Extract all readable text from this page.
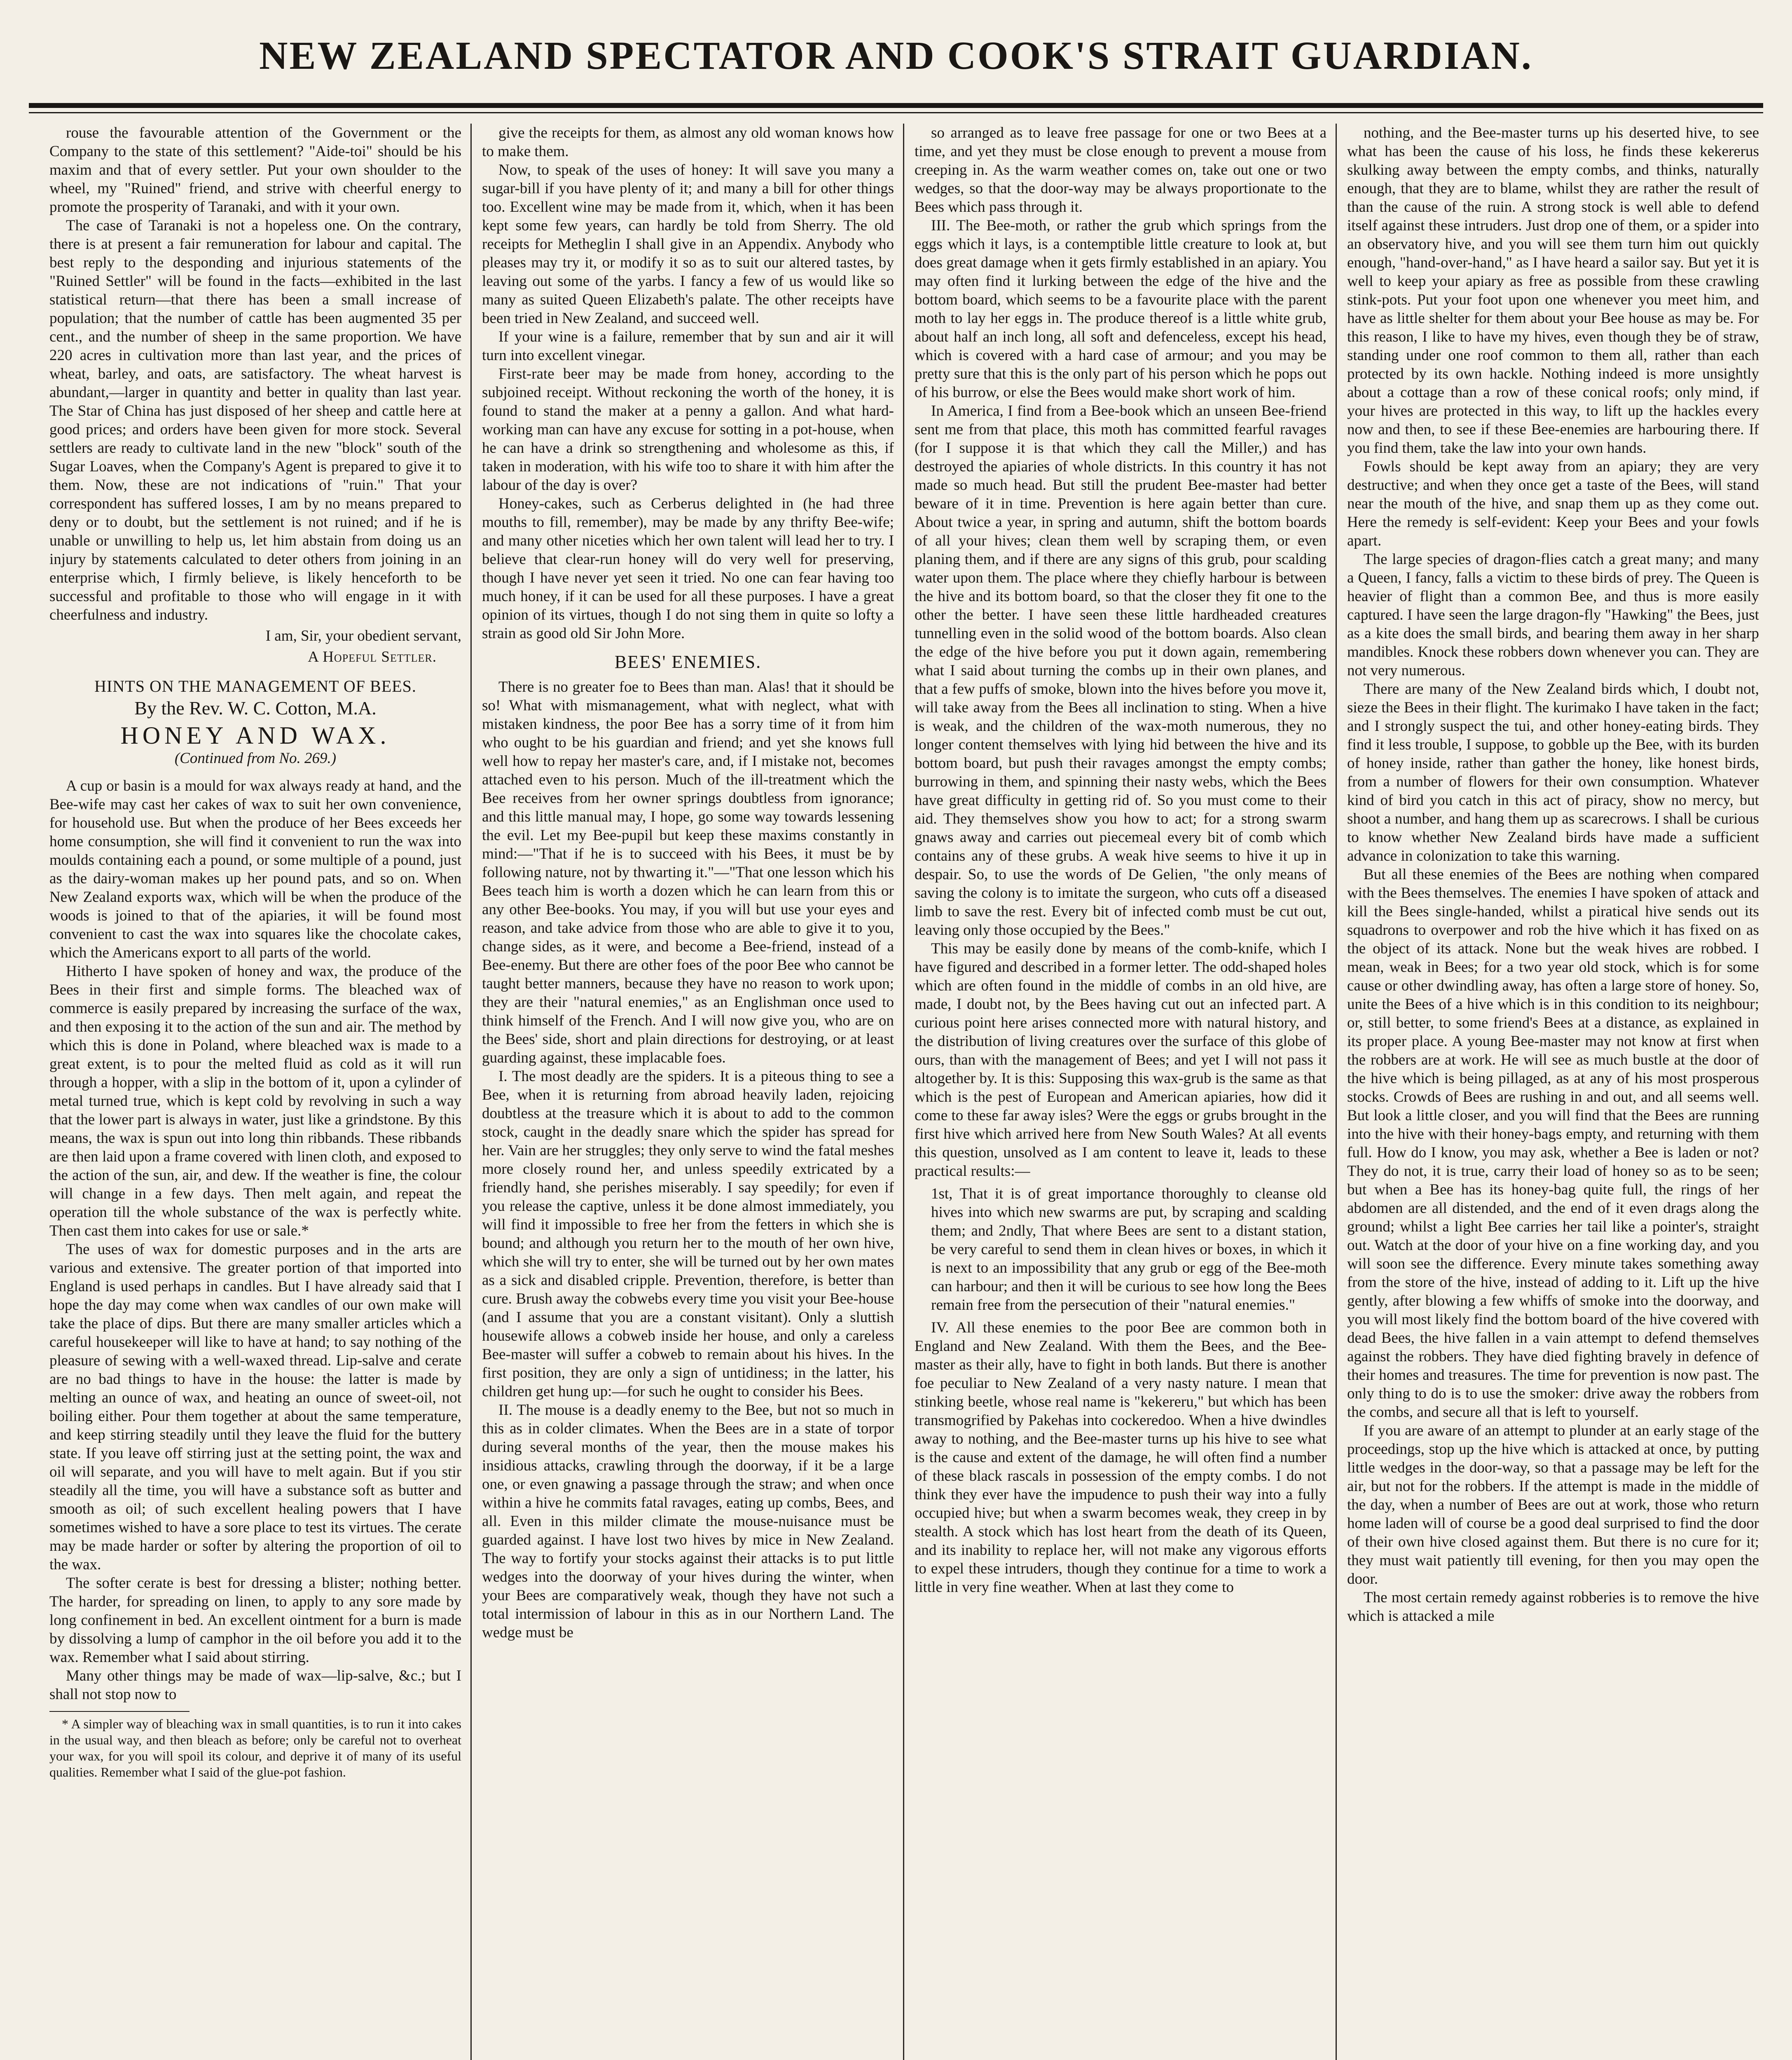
NEW ZEALAND SPECTATOR AND COOK'S STRAIT GUARDIAN.

rouse the favourable attention of the Government or the Company to the state of this settlement? "Aide-toi" should be his maxim and that of every settler. Put your own shoulder to the wheel, my "Ruined" friend, and strive with cheerful energy to promote the prosperity of Taranaki, and with it your own.

The case of Taranaki is not a hopeless one. On the contrary, there is at present a fair remuneration for labour and capital. The best reply to the desponding and injurious statements of the "Ruined Settler" will be found in the facts—exhibited in the last statistical return—that there has been a small increase of population; that the number of cattle has been augmented 35 per cent., and the number of sheep in the same proportion. We have 220 acres in cultivation more than last year, and the prices of wheat, barley, and oats, are satisfactory. The wheat harvest is abundant,—larger in quantity and better in quality than last year. The Star of China has just disposed of her sheep and cattle here at good prices; and orders have been given for more stock. Several settlers are ready to cultivate land in the new "block" south of the Sugar Loaves, when the Company's Agent is prepared to give it to them. Now, these are not indications of "ruin." That your correspondent has suffered losses, I am by no means prepared to deny or to doubt, but the settlement is not ruined; and if he is unable or unwilling to help us, let him abstain from doing us an injury by statements calculated to deter others from joining in an enterprise which, I firmly believe, is likely henceforth to be successful and profitable to those who will engage in it with cheerfulness and industry.

I am, Sir, your obedient servant,

A Hopeful Settler.

HINTS ON THE MANAGEMENT OF BEES.

By the Rev. W. C. Cotton, M.A.

HONEY AND WAX.

(Continued from No. 269.)

A cup or basin is a mould for wax always ready at hand, and the Bee-wife may cast her cakes of wax to suit her own convenience, for household use. But when the produce of her Bees exceeds her home consumption, she will find it convenient to run the wax into moulds containing each a pound, or some multiple of a pound, just as the dairy-woman makes up her pound pats, and so on. When New Zealand exports wax, which will be when the produce of the woods is joined to that of the apiaries, it will be found most convenient to cast the wax into squares like the chocolate cakes, which the Americans export to all parts of the world.

Hitherto I have spoken of honey and wax, the produce of the Bees in their first and simple forms. The bleached wax of commerce is easily prepared by increasing the surface of the wax, and then exposing it to the action of the sun and air. The method by which this is done in Poland, where bleached wax is made to a great extent, is to pour the melted fluid as cold as it will run through a hopper, with a slip in the bottom of it, upon a cylinder of metal turned true, which is kept cold by revolving in such a way that the lower part is always in water, just like a grindstone. By this means, the wax is spun out into long thin ribbands. These ribbands are then laid upon a frame covered with linen cloth, and exposed to the action of the sun, air, and dew. If the weather is fine, the colour will change in a few days. Then melt again, and repeat the operation till the whole substance of the wax is perfectly white. Then cast them into cakes for use or sale.*

The uses of wax for domestic purposes and in the arts are various and extensive. The greater portion of that imported into England is used perhaps in candles. But I have already said that I hope the day may come when wax candles of our own make will take the place of dips. But there are many smaller articles which a careful housekeeper will like to have at hand; to say nothing of the pleasure of sewing with a well-waxed thread. Lip-salve and cerate are no bad things to have in the house: the latter is made by melting an ounce of wax, and heating an ounce of sweet-oil, not boiling either. Pour them together at about the same temperature, and keep stirring steadily until they leave the fluid for the buttery state. If you leave off stirring just at the setting point, the wax and oil will separate, and you will have to melt again. But if you stir steadily all the time, you will have a substance soft as butter and smooth as oil; of such excellent healing powers that I have sometimes wished to have a sore place to test its virtues. The cerate may be made harder or softer by altering the proportion of oil to the wax.

The softer cerate is best for dressing a blister; nothing better. The harder, for spreading on linen, to apply to any sore made by long confinement in bed. An excellent ointment for a burn is made by dissolving a lump of camphor in the oil before you add it to the wax. Remember what I said about stirring.

Many other things may be made of wax—lip-salve, &c.; but I shall not stop now to

* A simpler way of bleaching wax in small quantities, is to run it into cakes in the usual way, and then bleach as before; only be careful not to overheat your wax, for you will spoil its colour, and deprive it of many of its useful qualities. Remember what I said of the glue-pot fashion.

give the receipts for them, as almost any old woman knows how to make them.

Now, to speak of the uses of honey: It will save you many a sugar-bill if you have plenty of it; and many a bill for other things too. Excellent wine may be made from it, which, when it has been kept some few years, can hardly be told from Sherry. The old receipts for Metheglin I shall give in an Appendix. Anybody who pleases may try it, or modify it so as to suit our altered tastes, by leaving out some of the yarbs. I fancy a few of us would like so many as suited Queen Elizabeth's palate. The other receipts have been tried in New Zealand, and succeed well.

If your wine is a failure, remember that by sun and air it will turn into excellent vinegar.

First-rate beer may be made from honey, according to the subjoined receipt. Without reckoning the worth of the honey, it is found to stand the maker at a penny a gallon. And what hard-working man can have any excuse for sotting in a pot-house, when he can have a drink so strengthening and wholesome as this, if taken in moderation, with his wife too to share it with him after the labour of the day is over?

Honey-cakes, such as Cerberus delighted in (he had three mouths to fill, remember), may be made by any thrifty Bee-wife; and many other niceties which her own talent will lead her to try. I believe that clear-run honey will do very well for preserving, though I have never yet seen it tried. No one can fear having too much honey, if it can be used for all these purposes. I have a great opinion of its virtues, though I do not sing them in quite so lofty a strain as good old Sir John More.

BEES' ENEMIES.

There is no greater foe to Bees than man. Alas! that it should be so! What with mismanagement, what with neglect, what with mistaken kindness, the poor Bee has a sorry time of it from him who ought to be his guardian and friend; and yet she knows full well how to repay her master's care, and, if I mistake not, becomes attached even to his person. Much of the ill-treatment which the Bee receives from her owner springs doubtless from ignorance; and this little manual may, I hope, go some way towards lessening the evil. Let my Bee-pupil but keep these maxims constantly in mind:—"That if he is to succeed with his Bees, it must be by following nature, not by thwarting it."—"That one lesson which his Bees teach him is worth a dozen which he can learn from this or any other Bee-books. You may, if you will but use your eyes and reason, and take advice from those who are able to give it to you, change sides, as it were, and become a Bee-friend, instead of a Bee-enemy. But there are other foes of the poor Bee who cannot be taught better manners, because they have no reason to work upon; they are their "natural enemies," as an Englishman once used to think himself of the French. And I will now give you, who are on the Bees' side, short and plain directions for destroying, or at least guarding against, these implacable foes.

I. The most deadly are the spiders. It is a piteous thing to see a Bee, when it is returning from abroad heavily laden, rejoicing doubtless at the treasure which it is about to add to the common stock, caught in the deadly snare which the spider has spread for her. Vain are her struggles; they only serve to wind the fatal meshes more closely round her, and unless speedily extricated by a friendly hand, she perishes miserably. I say speedily; for even if you release the captive, unless it be done almost immediately, you will find it impossible to free her from the fetters in which she is bound; and although you return her to the mouth of her own hive, which she will try to enter, she will be turned out by her own mates as a sick and disabled cripple. Prevention, therefore, is better than cure. Brush away the cobwebs every time you visit your Bee-house (and I assume that you are a constant visitant). Only a sluttish housewife allows a cobweb inside her house, and only a careless Bee-master will suffer a cobweb to remain about his hives. In the first position, they are only a sign of untidiness; in the latter, his children get hung up:—for such he ought to consider his Bees.

II. The mouse is a deadly enemy to the Bee, but not so much in this as in colder climates. When the Bees are in a state of torpor during several months of the year, then the mouse makes his insidious attacks, crawling through the doorway, if it be a large one, or even gnawing a passage through the straw; and when once within a hive he commits fatal ravages, eating up combs, Bees, and all. Even in this milder climate the mouse-nuisance must be guarded against. I have lost two hives by mice in New Zealand. The way to fortify your stocks against their attacks is to put little wedges into the doorway of your hives during the winter, when your Bees are comparatively weak, though they have not such a total intermission of labour in this as in our Northern Land. The wedge must be

so arranged as to leave free passage for one or two Bees at a time, and yet they must be close enough to prevent a mouse from creeping in. As the warm weather comes on, take out one or two wedges, so that the door-way may be always proportionate to the Bees which pass through it.

III. The Bee-moth, or rather the grub which springs from the eggs which it lays, is a contemptible little creature to look at, but does great damage when it gets firmly established in an apiary. You may often find it lurking between the edge of the hive and the bottom board, which seems to be a favourite place with the parent moth to lay her eggs in. The produce thereof is a little white grub, about half an inch long, all soft and defenceless, except his head, which is covered with a hard case of armour; and you may be pretty sure that this is the only part of his person which he pops out of his burrow, or else the Bees would make short work of him.

In America, I find from a Bee-book which an unseen Bee-friend sent me from that place, this moth has committed fearful ravages (for I suppose it is that which they call the Miller,) and has destroyed the apiaries of whole districts. In this country it has not made so much head. But still the prudent Bee-master had better beware of it in time. Prevention is here again better than cure. About twice a year, in spring and autumn, shift the bottom boards of all your hives; clean them well by scraping them, or even planing them, and if there are any signs of this grub, pour scalding water upon them. The place where they chiefly harbour is between the hive and its bottom board, so that the closer they fit one to the other the better. I have seen these little hardheaded creatures tunnelling even in the solid wood of the bottom boards. Also clean the edge of the hive before you put it down again, remembering what I said about turning the combs up in their own planes, and that a few puffs of smoke, blown into the hives before you move it, will take away from the Bees all inclination to sting. When a hive is weak, and the children of the wax-moth numerous, they no longer content themselves with lying hid between the hive and its bottom board, but push their ravages amongst the empty combs; burrowing in them, and spinning their nasty webs, which the Bees have great difficulty in getting rid of. So you must come to their aid. They themselves show you how to act; for a strong swarm gnaws away and carries out piecemeal every bit of comb which contains any of these grubs. A weak hive seems to hive it up in despair. So, to use the words of De Gelien, "the only means of saving the colony is to imitate the surgeon, who cuts off a diseased limb to save the rest. Every bit of infected comb must be cut out, leaving only those occupied by the Bees."

This may be easily done by means of the comb-knife, which I have figured and described in a former letter. The odd-shaped holes which are often found in the middle of combs in an old hive, are made, I doubt not, by the Bees having cut out an infected part. A curious point here arises connected more with natural history, and the distribution of living creatures over the surface of this globe of ours, than with the management of Bees; and yet I will not pass it altogether by. It is this: Supposing this wax-grub is the same as that which is the pest of European and American apiaries, how did it come to these far away isles? Were the eggs or grubs brought in the first hive which arrived here from New South Wales? At all events this question, unsolved as I am content to leave it, leads to these practical results:—

1st, That it is of great importance thoroughly to cleanse old hives into which new swarms are put, by scraping and scalding them; and 2ndly, That where Bees are sent to a distant station, be very careful to send them in clean hives or boxes, in which it is next to an impossibility that any grub or egg of the Bee-moth can harbour; and then it will be curious to see how long the Bees remain free from the persecution of their "natural enemies."

IV. All these enemies to the poor Bee are common both in England and New Zealand. With them the Bees, and the Bee-master as their ally, have to fight in both lands. But there is another foe peculiar to New Zealand of a very nasty nature. I mean that stinking beetle, whose real name is "kekereru," but which has been transmogrified by Pakehas into cockeredoo. When a hive dwindles away to nothing, and the Bee-master turns up his hive to see what is the cause and extent of the damage, he will often find a number of these black rascals in possession of the empty combs. I do not think they ever have the impudence to push their way into a fully occupied hive; but when a swarm becomes weak, they creep in by stealth. A stock which has lost heart from the death of its Queen, and its inability to replace her, will not make any vigorous efforts to expel these intruders, though they continue for a time to work a little in very fine weather. When at last they come to

nothing, and the Bee-master turns up his deserted hive, to see what has been the cause of his loss, he finds these kekererus skulking away between the empty combs, and thinks, naturally enough, that they are to blame, whilst they are rather the result of than the cause of the ruin. A strong stock is well able to defend itself against these intruders. Just drop one of them, or a spider into an observatory hive, and you will see them turn him out quickly enough, "hand-over-hand," as I have heard a sailor say. But yet it is well to keep your apiary as free as possible from these crawling stink-pots. Put your foot upon one whenever you meet him, and have as little shelter for them about your Bee house as may be. For this reason, I like to have my hives, even though they be of straw, standing under one roof common to them all, rather than each protected by its own hackle. Nothing indeed is more unsightly about a cottage than a row of these conical roofs; only mind, if your hives are protected in this way, to lift up the hackles every now and then, to see if these Bee-enemies are harbouring there. If you find them, take the law into your own hands.

Fowls should be kept away from an apiary; they are very destructive; and when they once get a taste of the Bees, will stand near the mouth of the hive, and snap them up as they come out. Here the remedy is self-evident: Keep your Bees and your fowls apart.

The large species of dragon-flies catch a great many; and many a Queen, I fancy, falls a victim to these birds of prey. The Queen is heavier of flight than a common Bee, and thus is more easily captured. I have seen the large dragon-fly "Hawking" the Bees, just as a kite does the small birds, and bearing them away in her sharp mandibles. Knock these robbers down whenever you can. They are not very numerous.

There are many of the New Zealand birds which, I doubt not, sieze the Bees in their flight. The kurimako I have taken in the fact; and I strongly suspect the tui, and other honey-eating birds. They find it less trouble, I suppose, to gobble up the Bee, with its burden of honey inside, rather than gather the honey, like honest birds, from a number of flowers for their own consumption. Whatever kind of bird you catch in this act of piracy, show no mercy, but shoot a number, and hang them up as scarecrows. I shall be curious to know whether New Zealand birds have made a sufficient advance in colonization to take this warning.

But all these enemies of the Bees are nothing when compared with the Bees themselves. The enemies I have spoken of attack and kill the Bees single-handed, whilst a piratical hive sends out its squadrons to overpower and rob the hive which it has fixed on as the object of its attack. None but the weak hives are robbed. I mean, weak in Bees; for a two year old stock, which is for some cause or other dwindling away, has often a large store of honey. So, unite the Bees of a hive which is in this condition to its neighbour; or, still better, to some friend's Bees at a distance, as explained in its proper place. A young Bee-master may not know at first when the robbers are at work. He will see as much bustle at the door of the hive which is being pillaged, as at any of his most prosperous stocks. Crowds of Bees are rushing in and out, and all seems well. But look a little closer, and you will find that the Bees are running into the hive with their honey-bags empty, and returning with them full. How do I know, you may ask, whether a Bee is laden or not? They do not, it is true, carry their load of honey so as to be seen; but when a Bee has its honey-bag quite full, the rings of her abdomen are all distended, and the end of it even drags along the ground; whilst a light Bee carries her tail like a pointer's, straight out. Watch at the door of your hive on a fine working day, and you will soon see the difference. Every minute takes something away from the store of the hive, instead of adding to it. Lift up the hive gently, after blowing a few whiffs of smoke into the doorway, and you will most likely find the bottom board of the hive covered with dead Bees, the hive fallen in a vain attempt to defend themselves against the robbers. They have died fighting bravely in defence of their homes and treasures. The time for prevention is now past. The only thing to do is to use the smoker: drive away the robbers from the combs, and secure all that is left to yourself.

If you are aware of an attempt to plunder at an early stage of the proceedings, stop up the hive which is attacked at once, by putting little wedges in the door-way, so that a passage may be left for the air, but not for the robbers. If the attempt is made in the middle of the day, when a number of Bees are out at work, those who return home laden will of course be a good deal surprised to find the door of their own hive closed against them. But there is no cure for it; they must wait patiently till evening, for then you may open the door.

The most certain remedy against robberies is to remove the hive which is attacked a mile
